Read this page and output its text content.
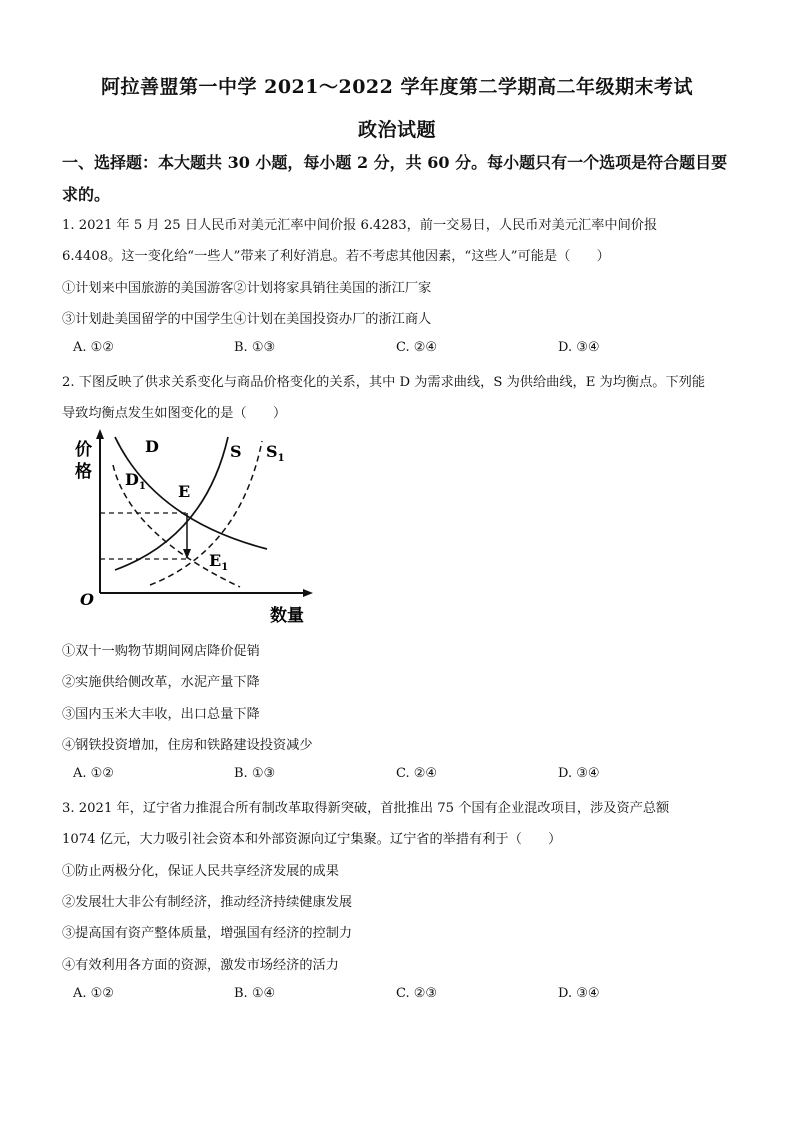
阿拉善盟第一中学 2021～2022 学年度第二学期高二年级期末考试
政治试题
一、选择题：本大题共 30 小题，每小题 2 分，共 60 分。每小题只有一个选项是符合题目要
求的。
1. 2021 年 5 月 25 日人民币对美元汇率中间价报 6.4283，前一交易日，人民币对美元汇率中间价报
6.4408。这一变化给“一些人”带来了利好消息。若不考虑其他因素，“这些人”可能是（　　）
①计划来中国旅游的美国游客②计划将家具销往美国的浙江厂家
③计划赴美国留学的中国学生④计划在美国投资办厂的浙江商人
A. ①②	B. ①③	C. ②④	D. ③④
2. 下图反映了供求关系变化与商品价格变化的关系，其中 D 为需求曲线，S 为供给曲线，E 为均衡点。下列能
导致均衡点发生如图变化的是（　　）
价
格
数量
O
D
$D_1$
S $S_1$
E
$E_1$
①双十一购物节期间网店降价促销
②实施供给侧改革，水泥产量下降
③国内玉米大丰收，出口总量下降
④钢铁投资增加，住房和铁路建设投资减少
A. ①②	B. ①③	C. ②④	D. ③④
3. 2021 年，辽宁省力推混合所有制改革取得新突破，首批推出 75 个国有企业混改项目，涉及资产总额
1074 亿元，大力吸引社会资本和外部资源向辽宁集聚。辽宁省的举措有利于（　　）
①防止两极分化，保证人民共享经济发展的成果
②发展壮大非公有制经济，推动经济持续健康发展
③提高国有资产整体质量，增强国有经济的控制力
④有效利用各方面的资源，激发市场经济的活力
A. ①②	B. ①④	C. ②③	D. ③④
